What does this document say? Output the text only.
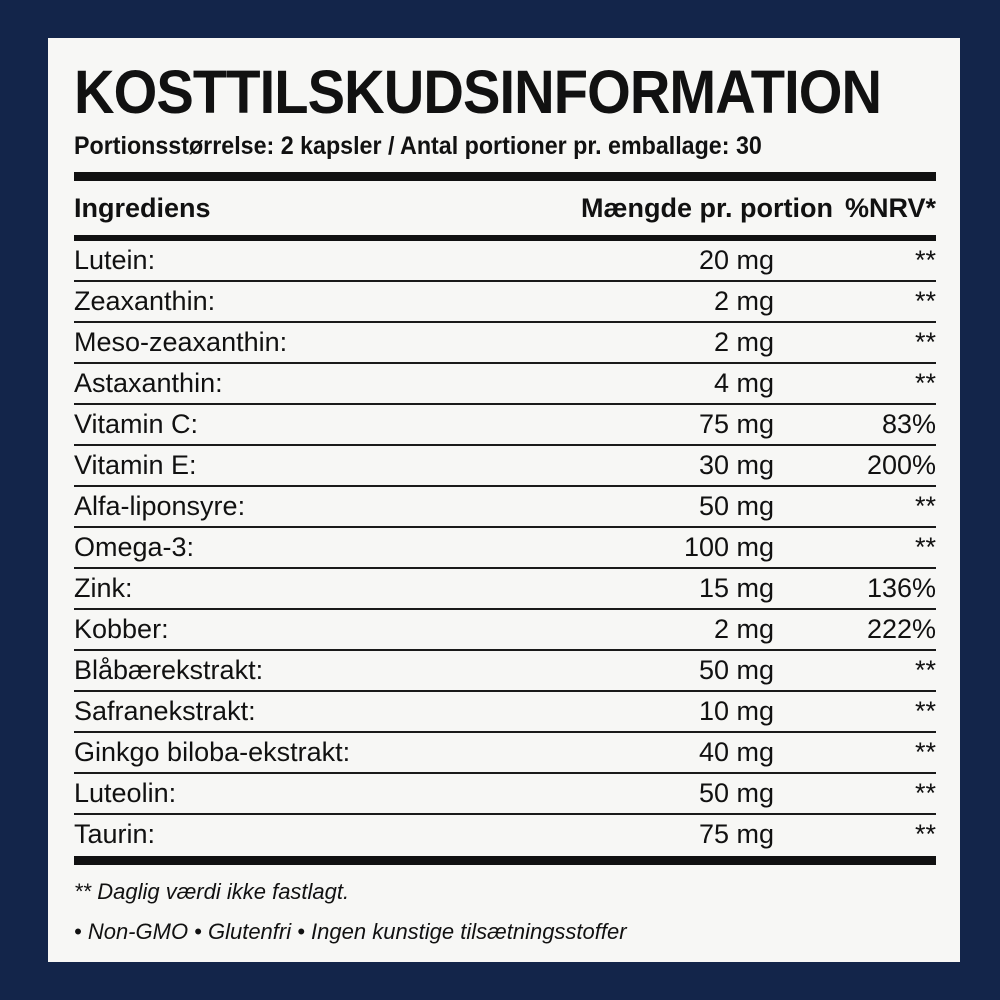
KOSTTILSKUDSINFORMATION
Portionsstørrelse: 2 kapsler / Antal portioner pr. emballage: 30
Ingrediens	Mængde pr. portion %NRV*
Lutein:	20 mg	**
Zeaxanthin:	2 mg	**
Meso-zeaxanthin:	2 mg	**
Astaxanthin:	4 mg	**
Vitamin C:	75 mg	83%
Vitamin E:	30 mg	200%
Alfa-liponsyre:	50 mg	**
Omega-3:	100 mg	**
Zink:	15 mg	136%
Kobber:	2 mg	222%
Blåbærekstrakt:	50 mg	**
Safranekstrakt:	10 mg	**
Ginkgo biloba-ekstrakt:	40 mg	**
Luteolin:	50 mg	**
Taurin:	75 mg	**
** Daglig værdi ikke fastlagt.
• Non-GMO • Glutenfri • Ingen kunstige tilsætningsstoffer
